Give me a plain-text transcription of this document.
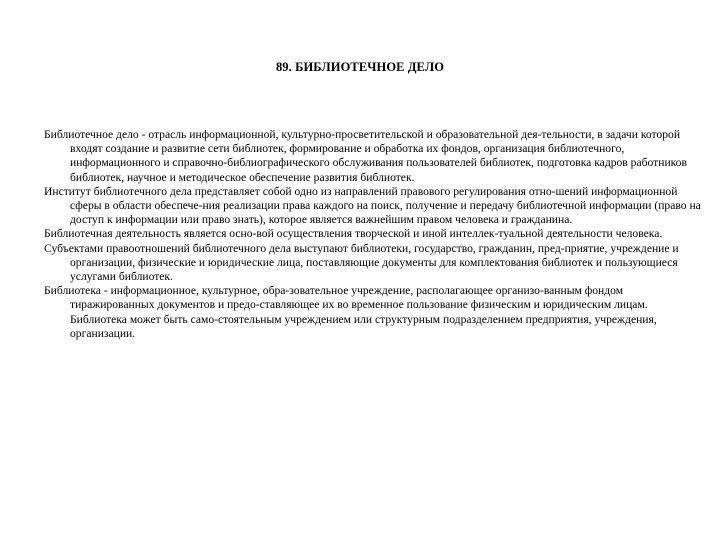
89. БИБЛИОТЕЧНОЕ ДЕЛО

Библиотечное дело - отрасль информационной, культурно-просветительской и образовательной дея-тельности, в задачи которой входят создание и развитие сети библиотек, формирование и обработка их фондов, организация библиотечного, информационного и справочно-библиографического обслуживания пользователей библиотек, подготовка кадров работников библиотек, научное и методическое обеспечение развития библиотек.

Институт библиотечного дела представляет собой одно из направлений правового регулирования отно-шений информационной сферы в области обеспече-ния реализации права каждого на поиск, получение и передачу библиотечной информации (право на доступ к информации или право знать), которое является важнейшим правом человека и гражданина.

Библиотечная деятельность является осно-вой осуществления творческой и иной интеллек-туальной деятельности человека.

Субъектами правоотношений библиотечного дела выступают библиотеки, государство, гражданин, пред-приятие, учреждение и организации, физические и юридические лица, поставляющие документы для комплектования библиотек и пользующиеся услугами библиотек.

Библиотека - информационное, культурное, обра-зовательное учреждение, располагающее организо-ванным фондом тиражированных документов и предо-ставляющее их во временное пользование физическим и юридическим лицам. Библиотека может быть само-стоятельным учреждением или структурным подразделением предприятия, учреждения, организации.
